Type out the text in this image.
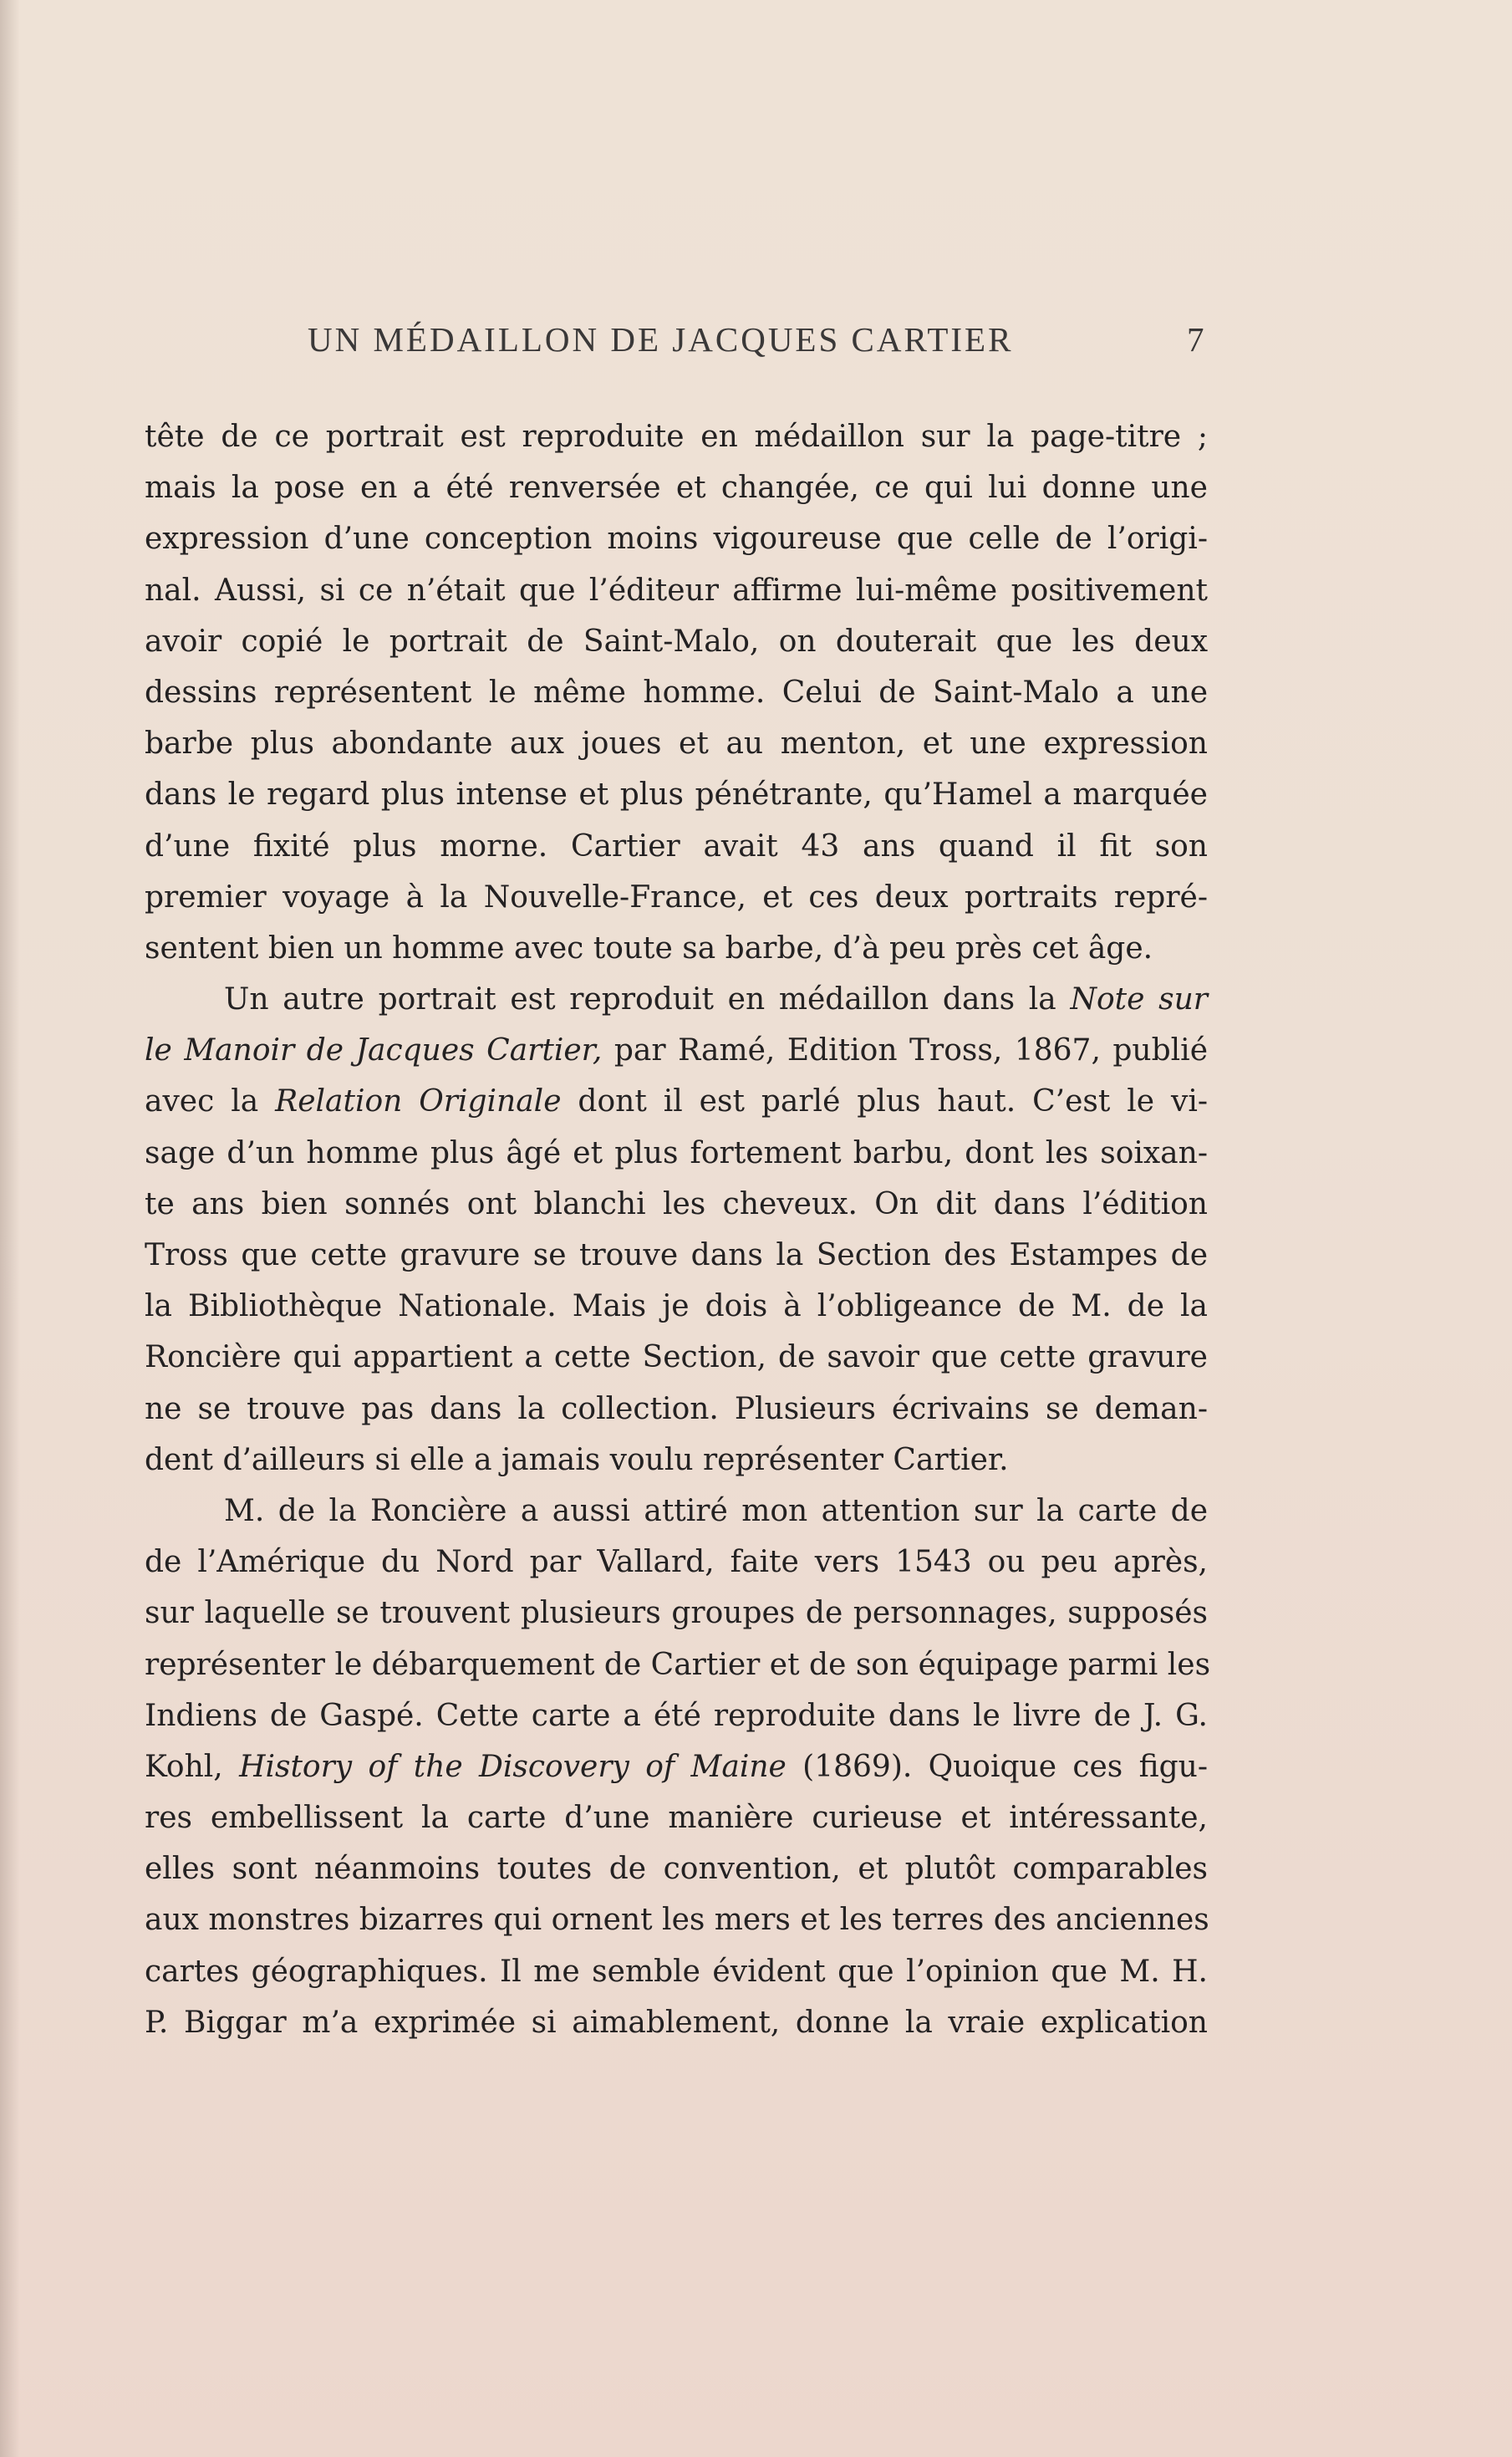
UN MÉDAILLON DE JACQUES CARTIER	7
tête de ce portrait est reproduite en médaillon sur la page-titre ;
mais la pose en a été renversée et changée, ce qui lui donne une
expression d’une conception moins vigoureuse que celle de l’origi-
nal. Aussi, si ce n’était que l’éditeur affirme lui-même positivement
avoir copié le portrait de Saint-Malo, on douterait que les deux
dessins représentent le même homme. Celui de Saint-Malo a une
barbe plus abondante aux joues et au menton, et une expression
dans le regard plus intense et plus pénétrante, qu’Hamel a marquée
d’une fixité plus morne. Cartier avait 43 ans quand il fit son
premier voyage à la Nouvelle-France, et ces deux portraits repré-
sentent bien un homme avec toute sa barbe, d’à peu près cet âge.
Un autre portrait est reproduit en médaillon dans la Note sur
le Manoir de Jacques Cartier, par Ramé, Edition Tross, 1867, publié
avec la Relation Originale dont il est parlé plus haut. C’est le vi-
sage d’un homme plus âgé et plus fortement barbu, dont les soixan-
te ans bien sonnés ont blanchi les cheveux. On dit dans l’édition
Tross que cette gravure se trouve dans la Section des Estampes de
la Bibliothèque Nationale. Mais je dois à l’obligeance de M. de la
Roncière qui appartient a cette Section, de savoir que cette gravure
ne se trouve pas dans la collection. Plusieurs écrivains se deman-
dent d’ailleurs si elle a jamais voulu représenter Cartier.
M. de la Roncière a aussi attiré mon attention sur la carte de
de l’Amérique du Nord par Vallard, faite vers 1543 ou peu après,
sur laquelle se trouvent plusieurs groupes de personnages, supposés
représenter le débarquement de Cartier et de son équipage parmi les
Indiens de Gaspé. Cette carte a été reproduite dans le livre de J. G.
Kohl, History of the Discovery of Maine (1869). Quoique ces figu-
res embellissent la carte d’une manière curieuse et intéressante,
elles sont néanmoins toutes de convention, et plutôt comparables
aux monstres bizarres qui ornent les mers et les terres des anciennes
cartes géographiques. Il me semble évident que l’opinion que M. H.
P. Biggar m’a exprimée si aimablement, donne la vraie explication
